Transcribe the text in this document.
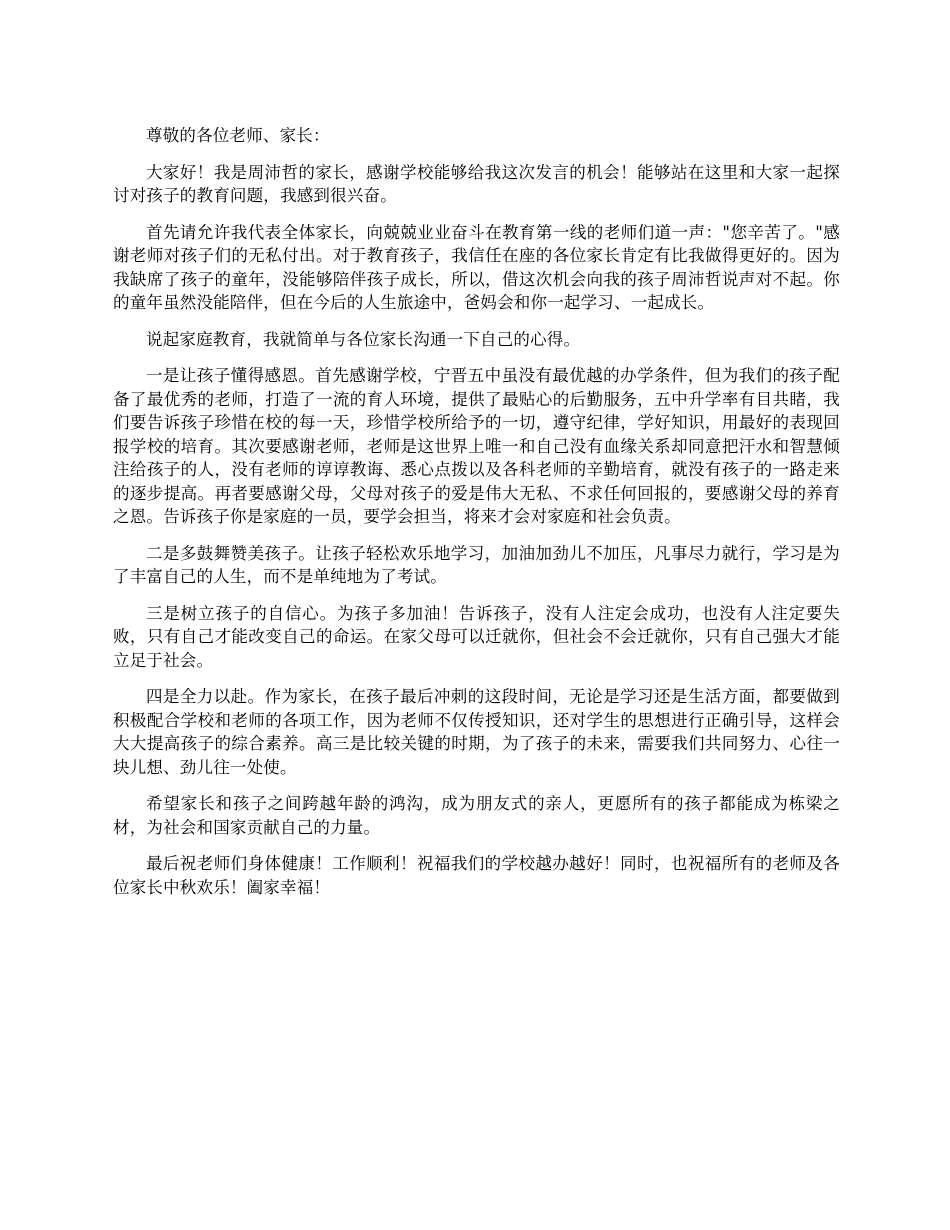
尊敬的各位老师、家长：

大家好！我是周沛哲的家长，感谢学校能够给我这次发言的机会！能够站在这里和大家一起探讨对孩子的教育问题，我感到很兴奋。

首先请允许我代表全体家长，向兢兢业业奋斗在教育第一线的老师们道一声："您辛苦了。"感谢老师对孩子们的无私付出。对于教育孩子，我信任在座的各位家长肯定有比我做得更好的。因为我缺席了孩子的童年，没能够陪伴孩子成长，所以，借这次机会向我的孩子周沛哲说声对不起。你的童年虽然没能陪伴，但在今后的人生旅途中，爸妈会和你一起学习、一起成长。

说起家庭教育，我就简单与各位家长沟通一下自己的心得。

一是让孩子懂得感恩。首先感谢学校，宁晋五中虽没有最优越的办学条件，但为我们的孩子配备了最优秀的老师，打造了一流的育人环境，提供了最贴心的后勤服务，五中升学率有目共睹，我们要告诉孩子珍惜在校的每一天，珍惜学校所给予的一切，遵守纪律，学好知识，用最好的表现回报学校的培育。其次要感谢老师，老师是这世界上唯一和自己没有血缘关系却同意把汗水和智慧倾注给孩子的人，没有老师的谆谆教诲、悉心点拨以及各科老师的辛勤培育，就没有孩子的一路走来的逐步提高。再者要感谢父母，父母对孩子的爱是伟大无私、不求任何回报的，要感谢父母的养育之恩。告诉孩子你是家庭的一员，要学会担当，将来才会对家庭和社会负责。

二是多鼓舞赞美孩子。让孩子轻松欢乐地学习，加油加劲儿不加压，凡事尽力就行，学习是为了丰富自己的人生，而不是单纯地为了考试。

三是树立孩子的自信心。为孩子多加油！告诉孩子，没有人注定会成功，也没有人注定要失败，只有自己才能改变自己的命运。在家父母可以迁就你，但社会不会迁就你，只有自己强大才能立足于社会。

四是全力以赴。作为家长，在孩子最后冲刺的这段时间，无论是学习还是生活方面，都要做到积极配合学校和老师的各项工作，因为老师不仅传授知识，还对学生的思想进行正确引导，这样会大大提高孩子的综合素养。高三是比较关键的时期，为了孩子的未来，需要我们共同努力、心往一块儿想、劲儿往一处使。

希望家长和孩子之间跨越年龄的鸿沟，成为朋友式的亲人，更愿所有的孩子都能成为栋梁之材，为社会和国家贡献自己的力量。

最后祝老师们身体健康！工作顺利！祝福我们的学校越办越好！同时，也祝福所有的老师及各位家长中秋欢乐！阖家幸福！
